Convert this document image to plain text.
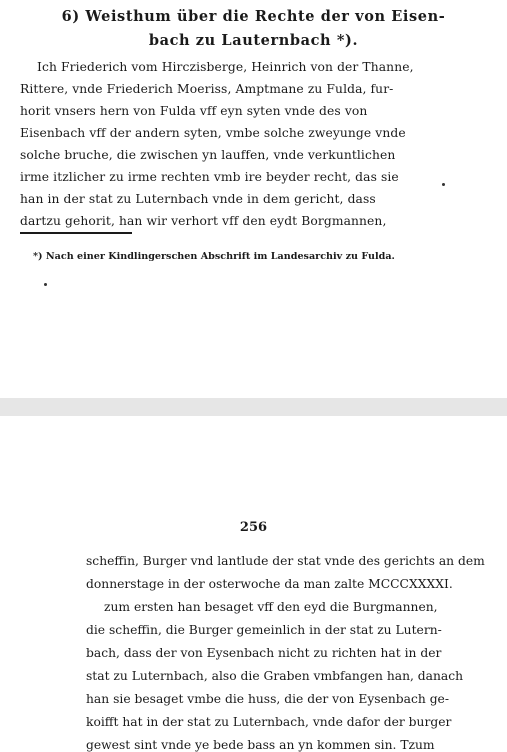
6) Weisthum über die Rechte der von Eisen-
bach zu Lauternbach *).
Ich Friederich vom Hirczisberge, Heinrich von der Thanne,
Rittere, vnde Friederich Moeriss, Amptmane zu Fulda, fur-
horit vnsers hern von Fulda vff eyn syten vnde des von
Eisenbach vff der andern syten, vmbe solche zweyunge vnde
solche bruche, die zwischen yn lauffen, vnde verkuntlichen
irme itzlicher zu irme rechten vmb ire beyder recht, das sie
han in der stat zu Luternbach vnde in dem gericht, dass
dartzu gehorit, han wir verhort vff den eydt Borgmannen,
*) Nach einer Kindlingerschen Abschrift im Landesarchiv zu Fulda.
256
scheffin, Burger vnd lantlude der stat vnde des gerichts an dem
donnerstage in der osterwoche da man zalte MCCCXXXXI.
zum ersten han besaget vff den eyd die Burgmannen,
die scheffin, die Burger gemeinlich in der stat zu Lutern-
bach, dass der von Eysenbach nicht zu richten hat in der
stat zu Luternbach, also die Graben vmbfangen han, danach
han sie besaget vmbe die huss, die der von Eysenbach ge-
koifft hat in der stat zu Luternbach, vnde dafor der burger
gewest sint vnde ye bede bass an yn kommen sin. Tzum
